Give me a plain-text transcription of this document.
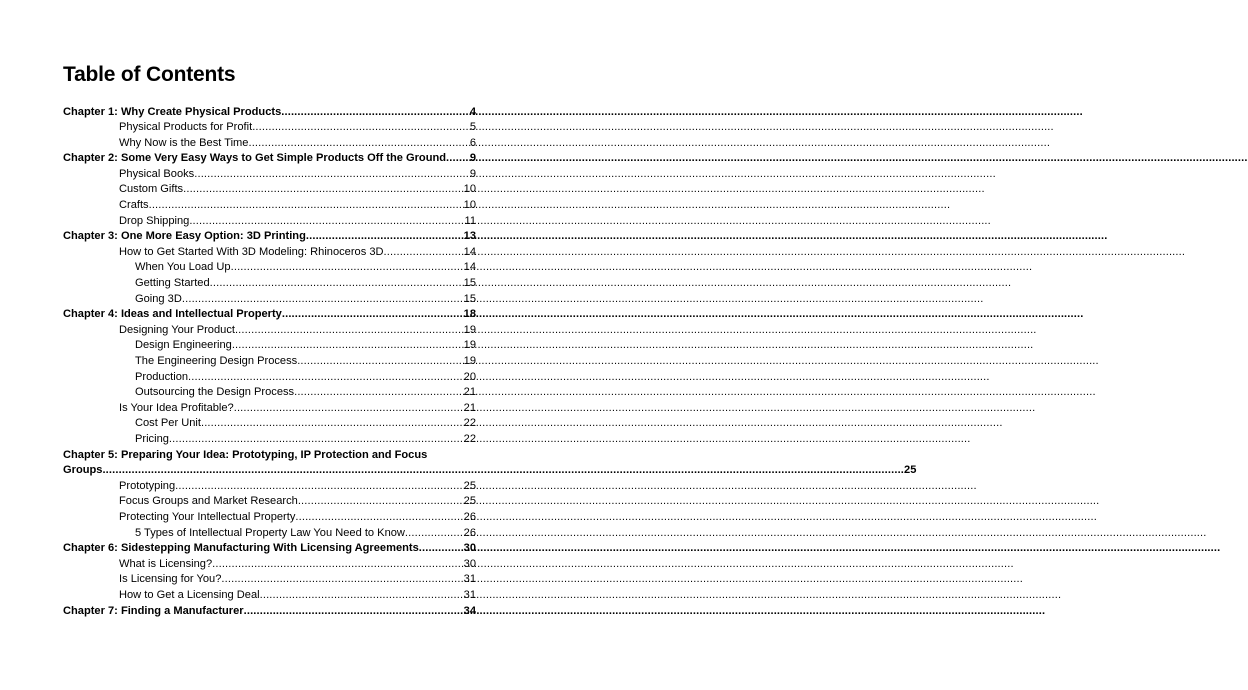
Table of Contents
Chapter 1: Why Create Physical Products .....	4
Physical Products for Profit .....	5
Why Now is the Best Time .....	6
Chapter 2: Some Very Easy Ways to Get Simple Products Off the Ground ..... 9
Physical Books .....	9
Custom Gifts .....	10
Crafts .....	10
Drop Shipping .....	11
Chapter 3: One More Easy Option: 3D Printing .....	13
How to Get Started With 3D Modeling: Rhinoceros 3D .....	14
When You Load Up .....	14
Getting Started .....	15
Going 3D .....	15
Chapter 4: Ideas and Intellectual Property .....	18
Designing Your Product .....	19
Design Engineering .....	19
The Engineering Design Process .....	19
Production .....	20
Outsourcing the Design Process .....	21
Is Your Idea Profitable? .....	21
Cost Per Unit .....	22
Pricing .....	22
Chapter 5: Preparing Your Idea: Prototyping, IP Protection and Focus
Groups .....	25
Prototyping .....	25
Focus Groups and Market Research .....	25
Protecting Your Intellectual Property .....	26
5 Types of Intellectual Property Law You Need to Know .....	26
Chapter 6: Sidestepping Manufacturing With Licensing Agreements .....	30
What is Licensing? .....	30
Is Licensing for You? .....	31
How to Get a Licensing Deal .....	31
Chapter 7: Finding a Manufacturer .....	34
